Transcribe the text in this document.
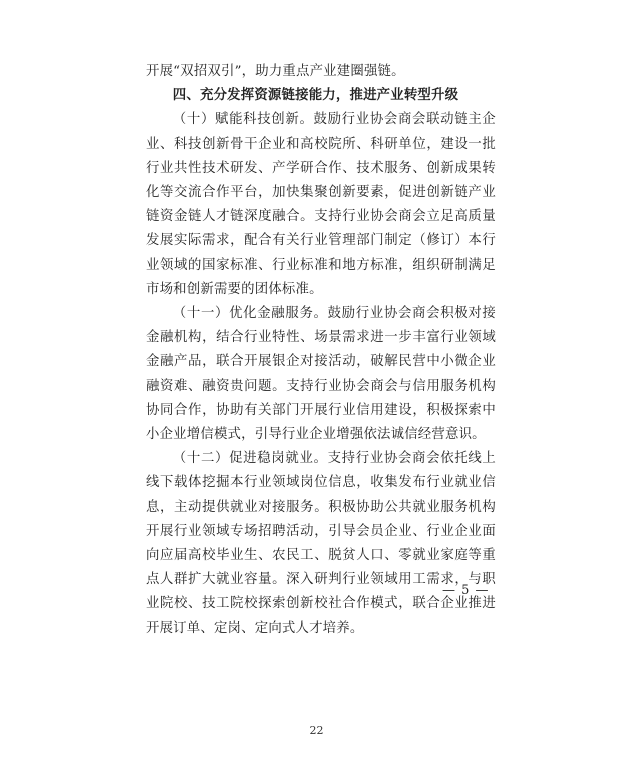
开展“双招双引”，助力重点产业建圈强链。

四、充分发挥资源链接能力，推进产业转型升级

（十）赋能科技创新。鼓励行业协会商会联动链主企业、科技创新骨干企业和高校院所、科研单位，建设一批行业共性技术研发、产学研合作、技术服务、创新成果转化等交流合作平台，加快集聚创新要素，促进创新链产业链资金链人才链深度融合。支持行业协会商会立足高质量发展实际需求，配合有关行业管理部门制定（修订）本行业领域的国家标准、行业标准和地方标准，组织研制满足市场和创新需要的团体标准。

（十一）优化金融服务。鼓励行业协会商会积极对接金融机构，结合行业特性、场景需求进一步丰富行业领域金融产品，联合开展银企对接活动，破解民营中小微企业融资难、融资贵问题。支持行业协会商会与信用服务机构协同合作，协助有关部门开展行业信用建设，积极探索中小企业增信模式，引导行业企业增强依法诚信经营意识。

（十二）促进稳岗就业。支持行业协会商会依托线上线下载体挖掘本行业领域岗位信息，收集发布行业就业信息，主动提供就业对接服务。积极协助公共就业服务机构开展行业领域专场招聘活动，引导会员企业、行业企业面向应届高校毕业生、农民工、脱贫人口、零就业家庭等重点人群扩大就业容量。深入研判行业领域用工需求，与职业院校、技工院校探索创新校社合作模式，联合企业推进开展订单、定岗、定向式人才培养。

— 5 —
22
